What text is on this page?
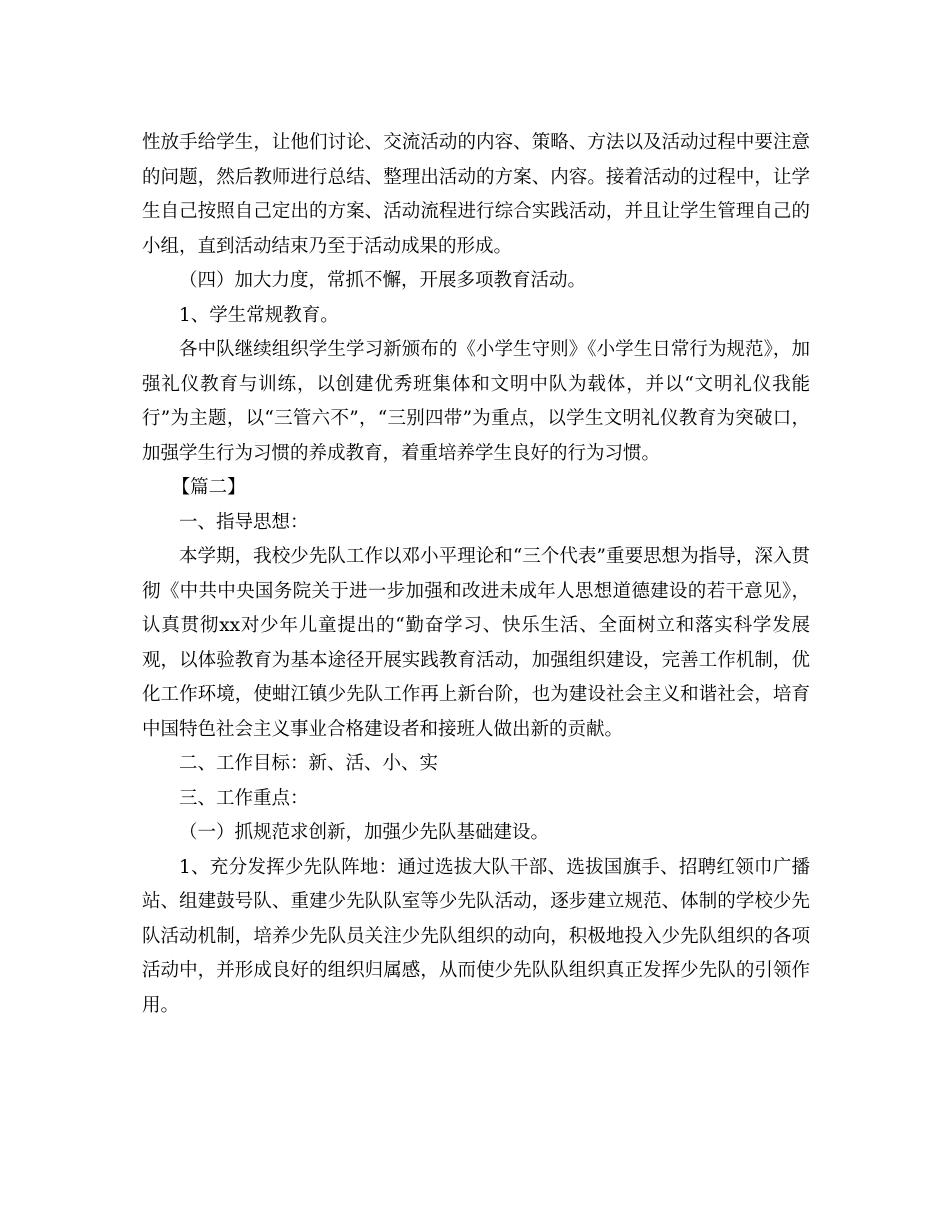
性放手给学生，让他们讨论、交流活动的内容、策略、方法以及活动过程中要注意的问题，然后教师进行总结、整理出活动的方案、内容。接着活动的过程中，让学生自己按照自己定出的方案、活动流程进行综合实践活动，并且让学生管理自己的小组，直到活动结束乃至于活动成果的形成。

（四）加大力度，常抓不懈，开展多项教育活动。

1、学生常规教育。

各中队继续组织学生学习新颁布的《小学生守则》《小学生日常行为规范》，加强礼仪教育与训练，以创建优秀班集体和文明中队为载体，并以“文明礼仪我能行”为主题，以“三管六不”，“三别四带”为重点，以学生文明礼仪教育为突破口，加强学生行为习惯的养成教育，着重培养学生良好的行为习惯。

【篇二】

一、指导思想：

本学期，我校少先队工作以邓小平理论和“三个代表”重要思想为指导，深入贯彻《中共中央国务院关于进一步加强和改进未成年人思想道德建设的若干意见》，认真贯彻xx对少年儿童提出的“勤奋学习、快乐生活、全面树立和落实科学发展观，以体验教育为基本途径开展实践教育活动，加强组织建设，完善工作机制，优化工作环境，使蚶江镇少先队工作再上新台阶，也为建设社会主义和谐社会，培育中国特色社会主义事业合格建设者和接班人做出新的贡献。

二、工作目标：新、活、小、实

三、工作重点：

（一）抓规范求创新，加强少先队基础建设。

1、充分发挥少先队阵地：通过选拔大队干部、选拔国旗手、招聘红领巾广播站、组建鼓号队、重建少先队队室等少先队活动，逐步建立规范、体制的学校少先队活动机制，培养少先队员关注少先队组织的动向，积极地投入少先队组织的各项活动中，并形成良好的组织归属感，从而使少先队队组织真正发挥少先队的引领作用。
